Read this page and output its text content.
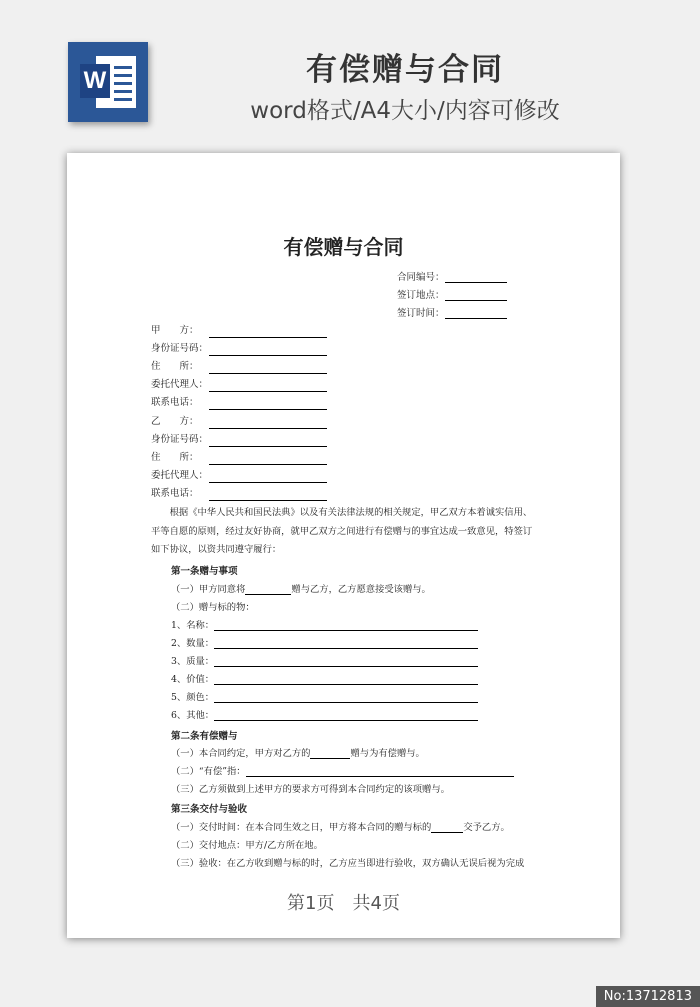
W	有偿赠与合同
word格式/A4大小/内容可修改
有偿赠与合同
合同编号：
签订地点：
签订时间：
甲　　方：
身份证号码：
住　　所：
委托代理人：
联系电话：
乙　　方：
身份证号码：
住　　所：
委托代理人：
联系电话：
根据《中华人民共和国民法典》以及有关法律法规的相关规定，甲乙双方本着诚实信用、平等自愿的原则，经过友好协商，就甲乙双方之间进行有偿赠与的事宜达成一致意见，特签订如下协议，以资共同遵守履行：
第一条赠与事项
（一）甲方同意将	赠与乙方，乙方愿意接受该赠与。
（二）赠与标的物：
1、名称：
2、数量：
3、质量：
4、价值：
5、颜色：
6、其他：
第二条有偿赠与
（一）本合同约定，甲方对乙方的	赠与为有偿赠与。
（二）“有偿”指：
（三）乙方须做到上述甲方的要求方可得到本合同约定的该项赠与。
第三条交付与验收
（一）交付时间：在本合同生效之日，甲方将本合同的赠与标的	交予乙方。
（二）交付地点：甲方/乙方所在地。
（三）验收：在乙方收到赠与标的时，乙方应当即进行验收，双方确认无误后视为完成
第1页　共4页
No:13712813
